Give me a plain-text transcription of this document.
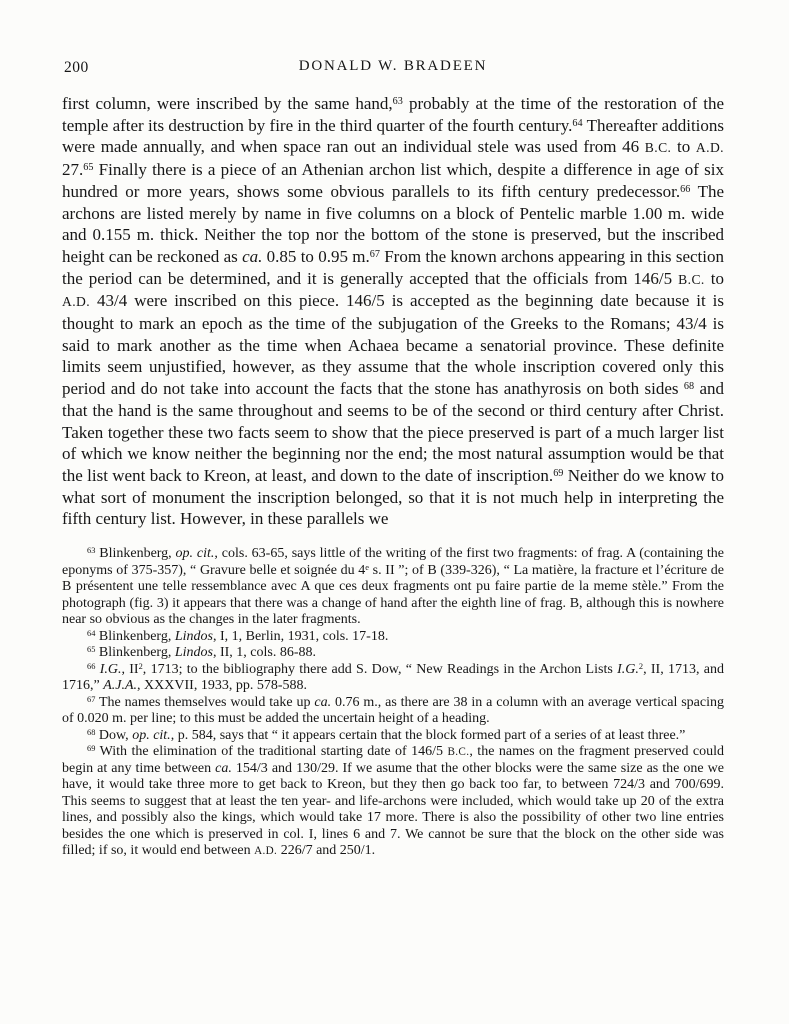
200	DONALD W. BRADEEN

first column, were inscribed by the same hand,$^{63}$ probably at the time of the restoration of the temple after its destruction by fire in the third quarter of the fourth century.$^{64}$ Thereafter additions were made annually, and when space ran out an individual stele was used from 46 B.C. to A.D. 27.65 Finally there is a piece of an Athenian archon list which, despite a difference in age of six hundred or more years, shows some obvious parallels to its fifth century predecessor.$^{66}$ The archons are listed merely by name in five columns on a block of Pentelic marble 1.00 m. wide and 0.155 m. thick. Neither the top nor the bottom of the stone is preserved, but the inscribed height can be reckoned as ca. 0.85 to 0.95 m.$^{67}$ From the known archons appearing in this section the period can be determined, and it is generally accepted that the officials from 146/5 B.C. to A.D. 43/4 were inscribed on this piece. 146/5 is accepted as the beginning date because it is thought to mark an epoch as the time of the subjugation of the Greeks to the Romans; 43/4 is said to mark another as the time when Achaea became a senatorial province. These definite limits seem unjustified, however, as they assume that the whole inscription covered only this period and do not take into account the facts that the stone has anathyrosis on both sides $^{68}$ and that the hand is the same throughout and seems to be of the second or third century after Christ. Taken together these two facts seem to show that the piece preserved is part of a much larger list of which we know neither the beginning nor the end; the most natural assumption would be that the list went back to Kreon, at least, and down to the date of inscription.$^{69}$ Neither do we know to what sort of monument the inscription belonged, so that it is not much help in interpreting the fifth century list. However, in these parallels we

$^{63}$ Blinkenberg, op. cit., cols. 63-65, says little of the writing of the first two fragments: of frag. A (containing the eponyms of 375-357), “ Gravure belle et soignée du 4e s. II ”; of B (339-326), “ La matière, la fracture et l’écriture de B présentent une telle ressemblance avec A que ces deux fragments ont pu faire partie de la meme stèle.” From the photograph (fig. 3) it appears that there was a change of hand after the eighth line of frag. B, although this is nowhere near so obvious as the changes in the later fragments.

$^{64}$ Blinkenberg, Lindos, I, 1, Berlin, 1931, cols. 17-18.

$^{65}$ Blinkenberg, Lindos, II, 1, cols. 86-88.

$^{66}$ I.G., $II^2$, 1713; to the bibliography there add S. Dow, “ New Readings in the Archon Lists I.G.$^2$, II, 1713, and 1716,” A.J.A., XXXVII, 1933, pp. 578-588.

$^{67}$ The names themselves would take up ca. 0.76 m., as there are 38 in a column with an average vertical spacing of 0.020 m. per line; to this must be added the uncertain height of a heading.

$^{68}$ Dow, op. cit., p. 584, says that “ it appears certain that the block formed part of a series of at least three.”

$^{69}$ With the elimination of the traditional starting date of 146/5 B.C., the names on the fragment preserved could begin at any time between ca. 154/3 and 130/29. If we asume that the other blocks were the same size as the one we have, it would take three more to get back to Kreon, but they then go back too far, to between 724/3 and 700/699. This seems to suggest that at least the ten year- and life-archons were included, which would take up 20 of the extra lines, and possibly also the kings, which would take 17 more. There is also the possibility of other two line entries besides the one which is preserved in col. I, lines 6 and 7. We cannot be sure that the block on the other side was filled; if so, it would end between A.D. 226/7 and 250/1.
